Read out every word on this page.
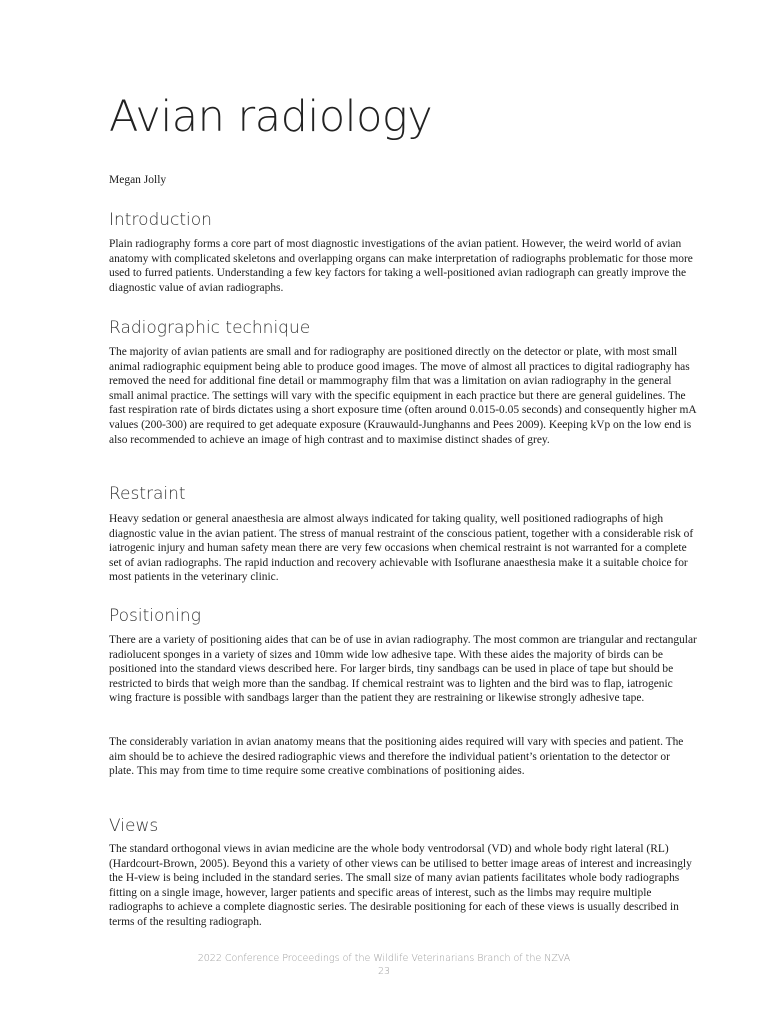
Avian radiology

Megan Jolly

Introduction

Plain radiography forms a core part of most diagnostic investigations of the avian patient. However, the weird world of avian anatomy with complicated skeletons and overlapping organs can make interpretation of radiographs problematic for those more used to furred patients. Understanding a few key factors for taking a well-positioned avian radiograph can greatly improve the diagnostic value of avian radiographs.

Radiographic technique

The majority of avian patients are small and for radiography are positioned directly on the detector or plate, with most small animal radiographic equipment being able to produce good images. The move of almost all practices to digital radiography has removed the need for additional fine detail or mammography film that was a limitation on avian radiography in the general small animal practice. The settings will vary with the specific equipment in each practice but there are general guidelines. The fast respiration rate of birds dictates using a short exposure time (often around 0.015-0.05 seconds) and consequently higher mA values (200-300) are required to get adequate exposure (Krauwauld-Junghanns and Pees 2009). Keeping kVp on the low end is also recommended to achieve an image of high contrast and to maximise distinct shades of grey.

Restraint

Heavy sedation or general anaesthesia are almost always indicated for taking quality, well positioned radiographs of high diagnostic value in the avian patient. The stress of manual restraint of the conscious patient, together with a considerable risk of iatrogenic injury and human safety mean there are very few occasions when chemical restraint is not warranted for a complete set of avian radiographs. The rapid induction and recovery achievable with Isoflurane anaesthesia make it a suitable choice for most patients in the veterinary clinic.

Positioning

There are a variety of positioning aides that can be of use in avian radiography. The most common are triangular and rectangular radiolucent sponges in a variety of sizes and 10mm wide low adhesive tape. With these aides the majority of birds can be positioned into the standard views described here. For larger birds, tiny sandbags can be used in place of tape but should be restricted to birds that weigh more than the sandbag. If chemical restraint was to lighten and the bird was to flap, iatrogenic wing fracture is possible with sandbags larger than the patient they are restraining or likewise strongly adhesive tape.

The considerably variation in avian anatomy means that the positioning aides required will vary with species and patient. The aim should be to achieve the desired radiographic views and therefore the individual patient’s orientation to the detector or plate. This may from time to time require some creative combinations of positioning aides.

Views

The standard orthogonal views in avian medicine are the whole body ventrodorsal (VD) and whole body right lateral (RL) (Hardcourt-Brown, 2005). Beyond this a variety of other views can be utilised to better image areas of interest and increasingly the H-view is being included in the standard series. The small size of many avian patients facilitates whole body radiographs fitting on a single image, however, larger patients and specific areas of interest, such as the limbs may require multiple radiographs to achieve a complete diagnostic series. The desirable positioning for each of these views is usually described in terms of the resulting radiograph.

2022 Conference Proceedings of the Wildlife Veterinarians Branch of the NZVA
23
